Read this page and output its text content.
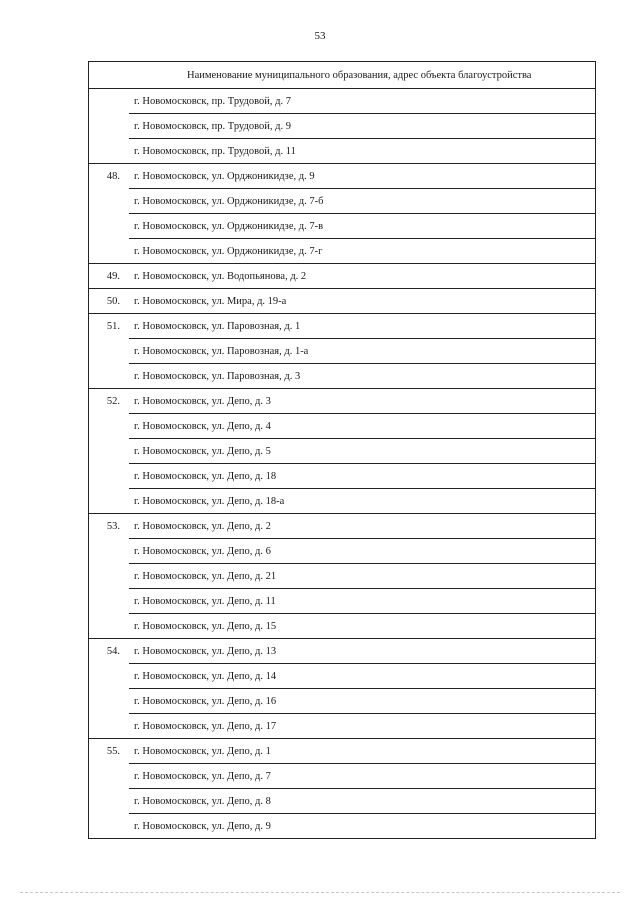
53
	Наименование муниципального образования, адрес объекта благоустройства
	г. Новомосковск, пр. Трудовой, д. 7
	г. Новомосковск, пр. Трудовой, д. 9
	г. Новомосковск, пр. Трудовой, д. 11
48.	г. Новомосковск, ул. Орджоникидзе, д. 9
	г. Новомосковск, ул. Орджоникидзе, д. 7-б
	г. Новомосковск, ул. Орджоникидзе, д. 7-в
	г. Новомосковск, ул. Орджоникидзе, д. 7-г
49.	г. Новомосковск, ул. Водопьянова, д. 2
50.	г. Новомосковск, ул. Мира, д. 19-а
51.	г. Новомосковск, ул. Паровозная, д. 1
	г. Новомосковск, ул. Паровозная, д. 1-а
	г. Новомосковск, ул. Паровозная, д. 3
52.	г. Новомосковск, ул. Депо, д. 3
	г. Новомосковск, ул. Депо, д. 4
	г. Новомосковск, ул. Депо, д. 5
	г. Новомосковск, ул. Депо, д. 18
	г. Новомосковск, ул. Депо, д. 18-а
53.	г. Новомосковск, ул. Депо, д. 2
	г. Новомосковск, ул. Депо, д. 6
	г. Новомосковск, ул. Депо, д. 21
	г. Новомосковск, ул. Депо, д. 11
	г. Новомосковск, ул. Депо, д. 15
54.	г. Новомосковск, ул. Депо, д. 13
	г. Новомосковск, ул. Депо, д. 14
	г. Новомосковск, ул. Депо, д. 16
	г. Новомосковск, ул. Депо, д. 17
55.	г. Новомосковск, ул. Депо, д. 1
	г. Новомосковск, ул. Депо, д. 7
	г. Новомосковск, ул. Депо, д. 8
	г. Новомосковск, ул. Депо, д. 9
